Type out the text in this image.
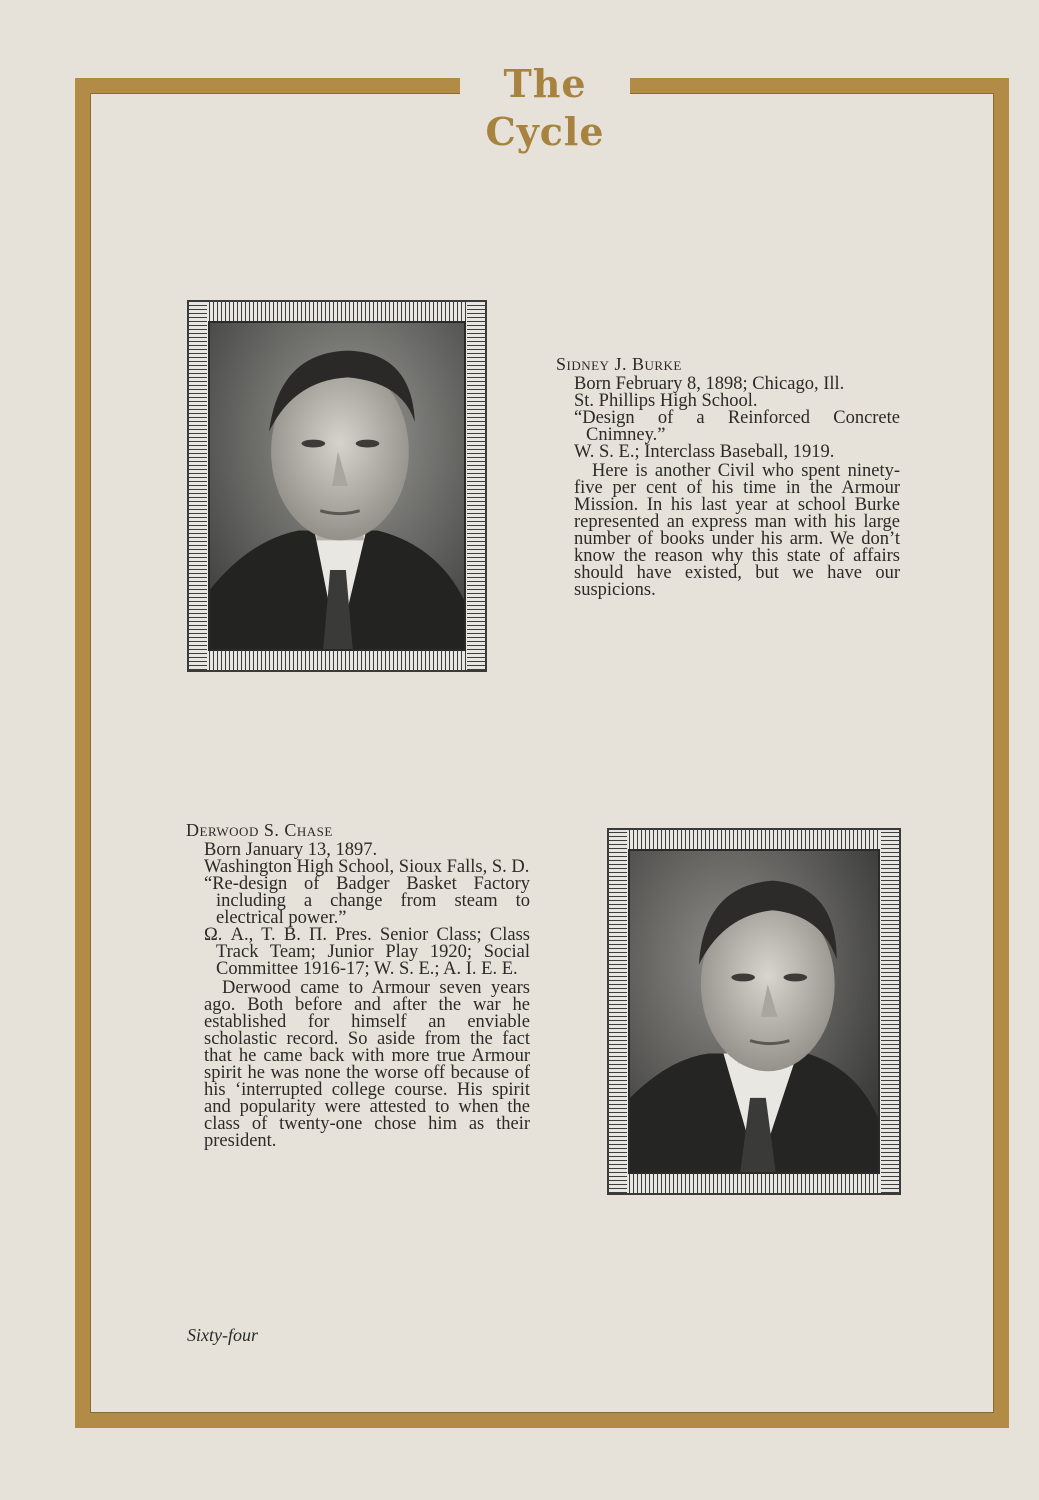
The Cycle
Sidney J. Burke
Born February 8, 1898; Chicago, Ill.
St. Phillips High School.
“Design of a Reinforced Concrete Cnimney.”
W. S. E.; Interclass Baseball, 1919.
Here is another Civil who spent ninety-five per cent of his time in the Armour Mission. In his last year at school Burke represented an express man with his large number of books under his arm. We don’t know the reason why this state of affairs should have existed, but we have our suspicions.
Derwood S. Chase
Born January 13, 1897.
Washington High School, Sioux Falls, S. D.
“Re-design of Badger Basket Factory including a change from steam to electrical power.”
Ω. A., T. B. Π. Pres. Senior Class; Class Track Team; Junior Play 1920; Social Committee 1916-17; W. S. E.; A. I. E. E.
Derwood came to Armour seven years ago. Both before and after the war he established for himself an enviable scholastic record. So aside from the fact that he came back with more true Armour spirit he was none the worse off because of his ‘interrupted college course. His spirit and popularity were attested to when the class of twenty-one chose him as their president.
Sixty-four
